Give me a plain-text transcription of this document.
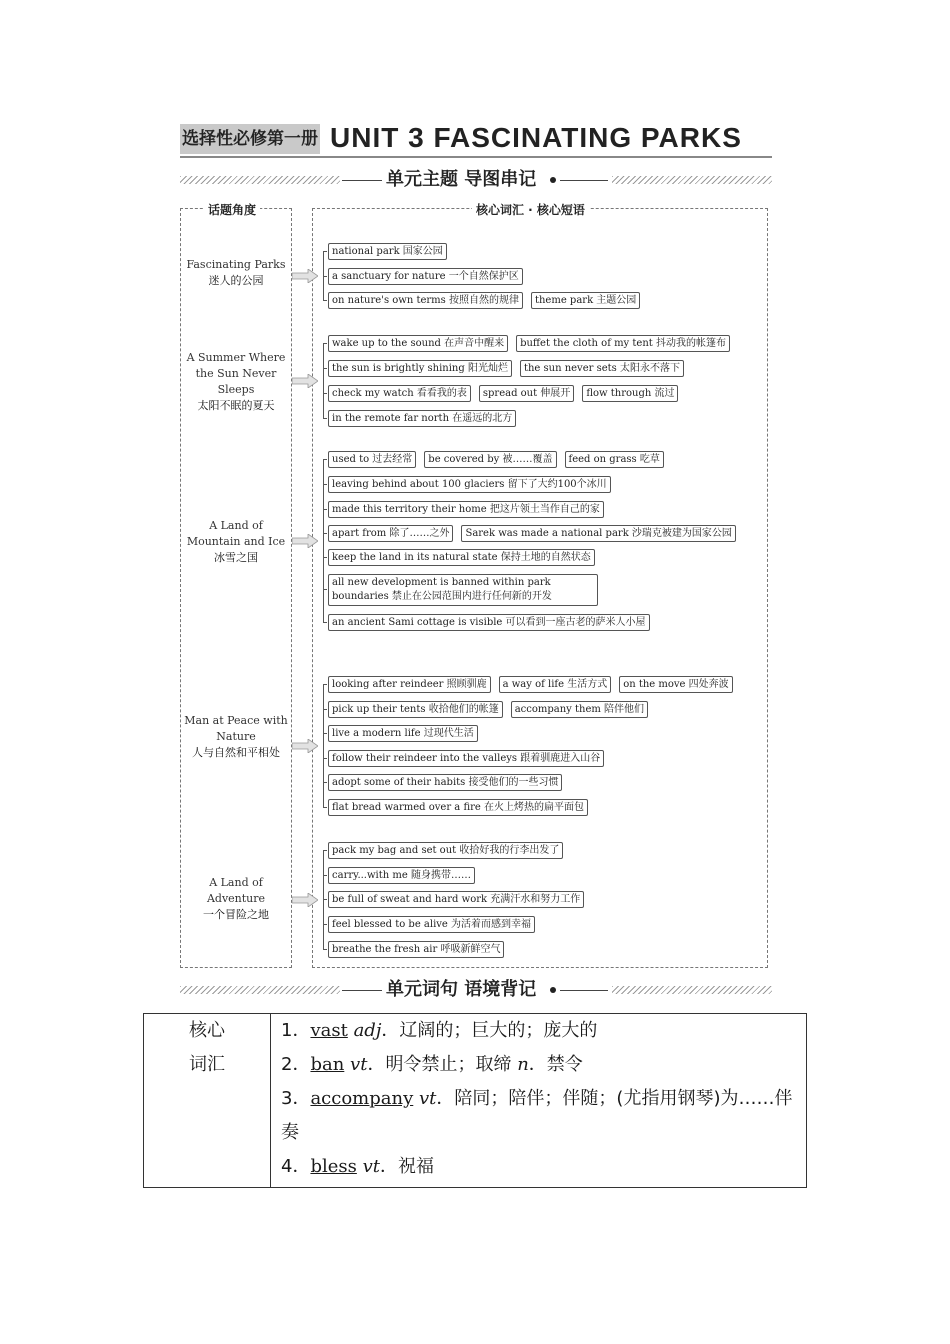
选择性必修第一册 UNIT 3 FASCINATING PARKS
单元主题 导图串记
话题角度	核心词汇 · 核心短语
Fascinating Parks
迷人的公园
national park 国家公园
a sanctuary for nature 一个自然保护区
on nature's own terms 按照自然的规律	theme park 主题公园
A Summer Where the Sun Never Sleeps
太阳不眠的夏天
wake up to the sound 在声音中醒来	buffet the cloth of my tent 抖动我的帐篷布
the sun is brightly shining 阳光灿烂	the sun never sets 太阳永不落下
check my watch 看看我的表	spread out 伸展开	flow through 流过
in the remote far north 在遥远的北方
A Land of Mountain and Ice
冰雪之国
used to 过去经常	be covered by 被……覆盖	feed on grass 吃草
leaving behind about 100 glaciers 留下了大约100个冰川
made this territory their home 把这片领土当作自己的家
apart from 除了……之外	Sarek was made a national park 沙瑞克被建为国家公园
keep the land in its natural state 保持土地的自然状态
all new development is banned within park boundaries 禁止在公园范围内进行任何新的开发
an ancient Sami cottage is visible 可以看到一座古老的萨米人小屋
Man at Peace with Nature
人与自然和平相处
looking after reindeer 照顾驯鹿	a way of life 生活方式	on the move 四处奔波
pick up their tents 收拾他们的帐篷	accompany them 陪伴他们
live a modern life 过现代生活
follow their reindeer into the valleys 跟着驯鹿进入山谷
adopt some of their habits 接受他们的一些习惯
flat bread warmed over a fire 在火上烤热的扁平面包
A Land of Adventure
一个冒险之地
pack my bag and set out 收拾好我的行李出发了
carry...with me 随身携带……
be full of sweat and hard work 充满汗水和努力工作
feel blessed to be alive 为活着而感到幸福
breathe the fresh air 呼吸新鲜空气
单元词句 语境背记
核心
词汇
1．vast adj．辽阔的；巨大的；庞大的
2．ban vt．明令禁止；取缔 n．禁令
3．accompany vt．陪同；陪伴；伴随；(尤指用钢琴)为……伴
奏
4．bless vt．祝福
